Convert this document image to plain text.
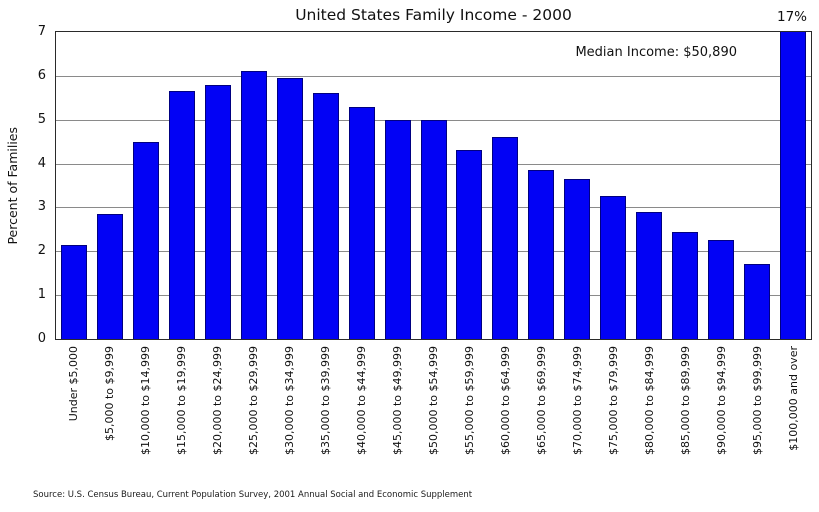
United States Family Income - 2000	17%
Percent of Families
Median Income: $50,890
0
1
2
3
4
5
6
7
Under $5,000 $5,000 to $9,999 $10,000 to $14,999 $15,000 to $19,999 $20,000 to $24,999 $25,000 to $29,999 $30,000 to $34,999 $35,000 to $39,999 $40,000 to $44,999 $45,000 to $49,999 $50,000 to $54,999 $55,000 to $59,999 $60,000 to $64,999 $65,000 to $69,999 $70,000 to $74,999 $75,000 to $79,999 $80,000 to $84,999 $85,000 to $89,999 $90,000 to $94,999 $95,000 to $99,999 $100,000 and over
Source: U.S. Census Bureau, Current Population Survey, 2001 Annual Social and Economic Supplement
